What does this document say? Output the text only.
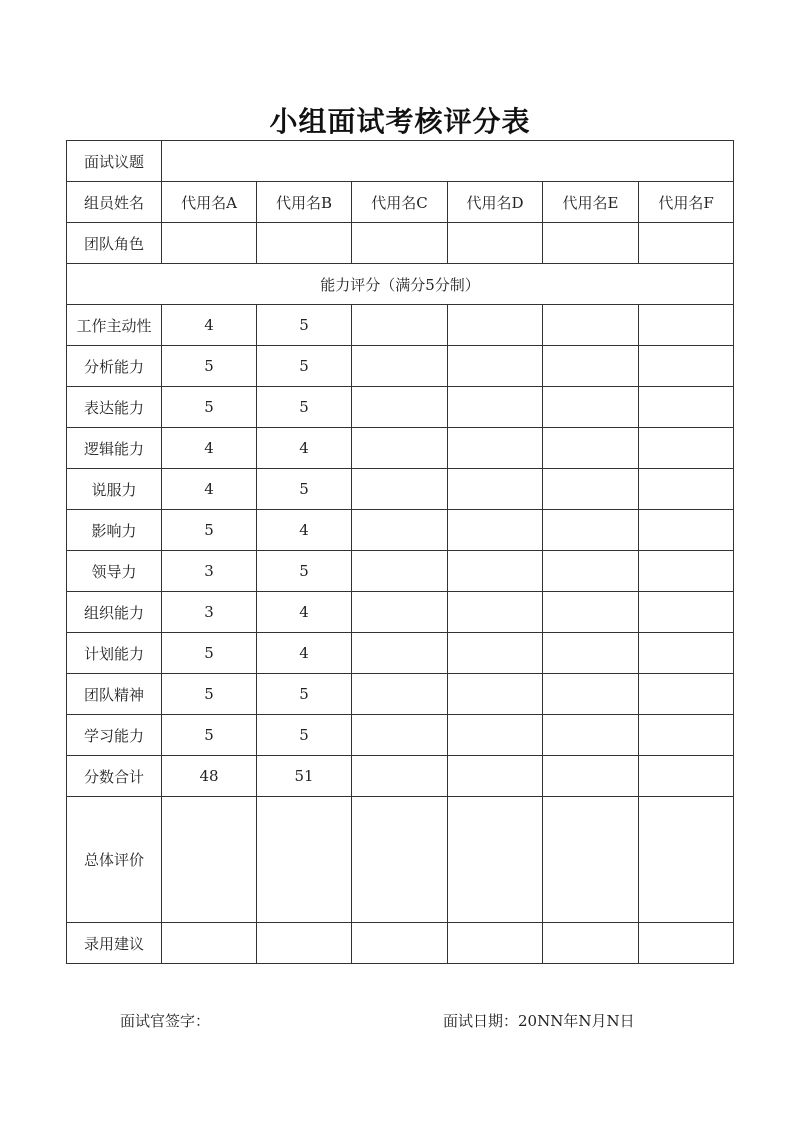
小组面试考核评分表
面试议题						
组员姓名	代用名A	代用名B	代用名C	代用名D	代用名E	代用名F
团队角色						
能力评分（满分5分制）						
工作主动性	4	5				
分析能力	5	5				
表达能力	5	5				
逻辑能力	4	4				
说服力	4	5				
影响力	5	4				
领导力	3	5				
组织能力	3	4				
计划能力	5	4				
团队精神	5	5				
学习能力	5	5				
分数合计	48	51				
总体评价						
录用建议						
面试官签字：	面试日期：20NN年N月N日
